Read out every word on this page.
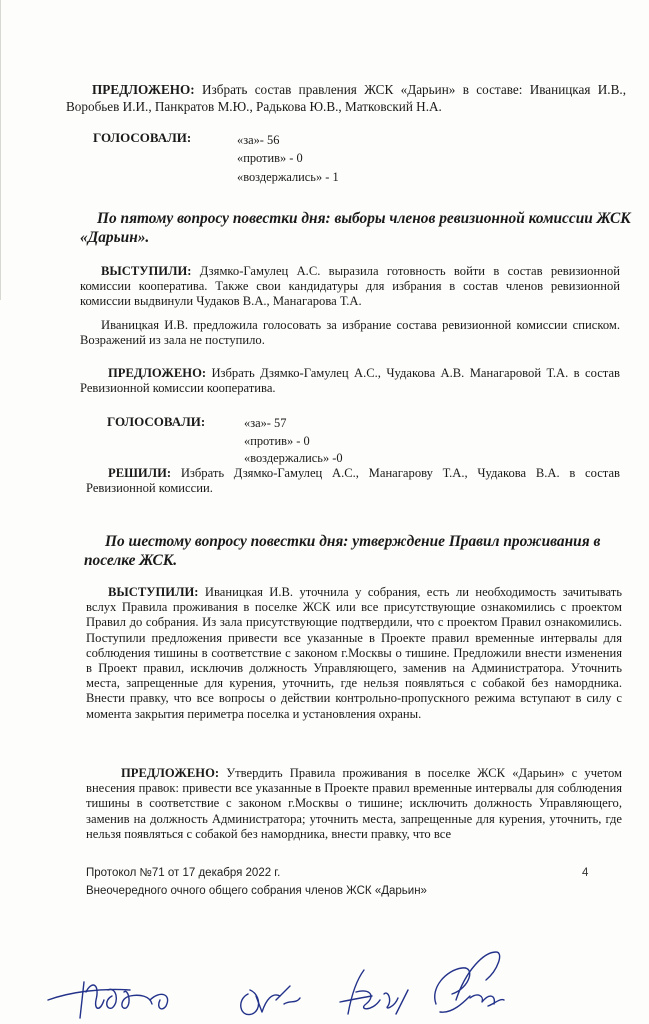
ПРЕДЛОЖЕНО: Избрать состав правления ЖСК «Дарьин» в составе: Иваницкая И.В., Воробьев И.И., Панкратов М.Ю., Радькова Ю.В., Матковский Н.А.
ГОЛОСОВАЛИ:	«за»- 56
«против» - 0
«воздержались» - 1
По пятому вопросу повестки дня: выборы членов ревизионной комиссии ЖСК «Дарьин».
ВЫСТУПИЛИ: Дзямко-Гамулец А.С. выразила готовность войти в состав ревизионной комиссии кооператива. Также свои кандидатуры для избрания в состав членов ревизионной комиссии выдвинули Чудаков В.А., Манагарова Т.А.
Иваницкая И.В. предложила голосовать за избрание состава ревизионной комиссии списком. Возражений из зала не поступило.
ПРЕДЛОЖЕНО: Избрать Дзямко-Гамулец А.С., Чудакова А.В. Манагаровой Т.А. в состав Ревизионной комиссии кооператива.
ГОЛОСОВАЛИ:	«за»- 57
«против» - 0
«воздержались» -0
РЕШИЛИ: Избрать Дзямко-Гамулец А.С., Манагарову Т.А., Чудакова В.А. в состав Ревизионной комиссии.
По шестому вопросу повестки дня: утверждение Правил проживания в поселке ЖСК.
ВЫСТУПИЛИ: Иваницкая И.В. уточнила у собрания, есть ли необходимость зачитывать вслух Правила проживания в поселке ЖСК или все присутствующие ознакомились с проектом Правил до собрания. Из зала присутствующие подтвердили, что с проектом Правил ознакомились. Поступили предложения привести все указанные в Проекте правил временные интервалы для соблюдения тишины в соответствие с законом г.Москвы о тишине. Предложили внести изменения в Проект правил, исключив должность Управляющего, заменив на Администратора. Уточнить места, запрещенные для курения, уточнить, где нельзя появляться с собакой без намордника. Внести правку, что все вопросы о действии контрольно-пропускного режима вступают в силу с момента закрытия периметра поселка и установления охраны.
ПРЕДЛОЖЕНО: Утвердить Правила проживания в поселке ЖСК «Дарьин» с учетом внесения правок: привести все указанные в Проекте правил временные интервалы для соблюдения тишины в соответствие с законом г.Москвы о тишине; исключить должность Управляющего, заменив на должность Администратора; уточнить места, запрещенные для курения, уточнить, где нельзя появляться с собакой без намордника, внести правку, что все
Протокол №71 от 17 декабря 2022 г.
Внеочередного очного общего собрания членов ЖСК «Дарьин»
4
